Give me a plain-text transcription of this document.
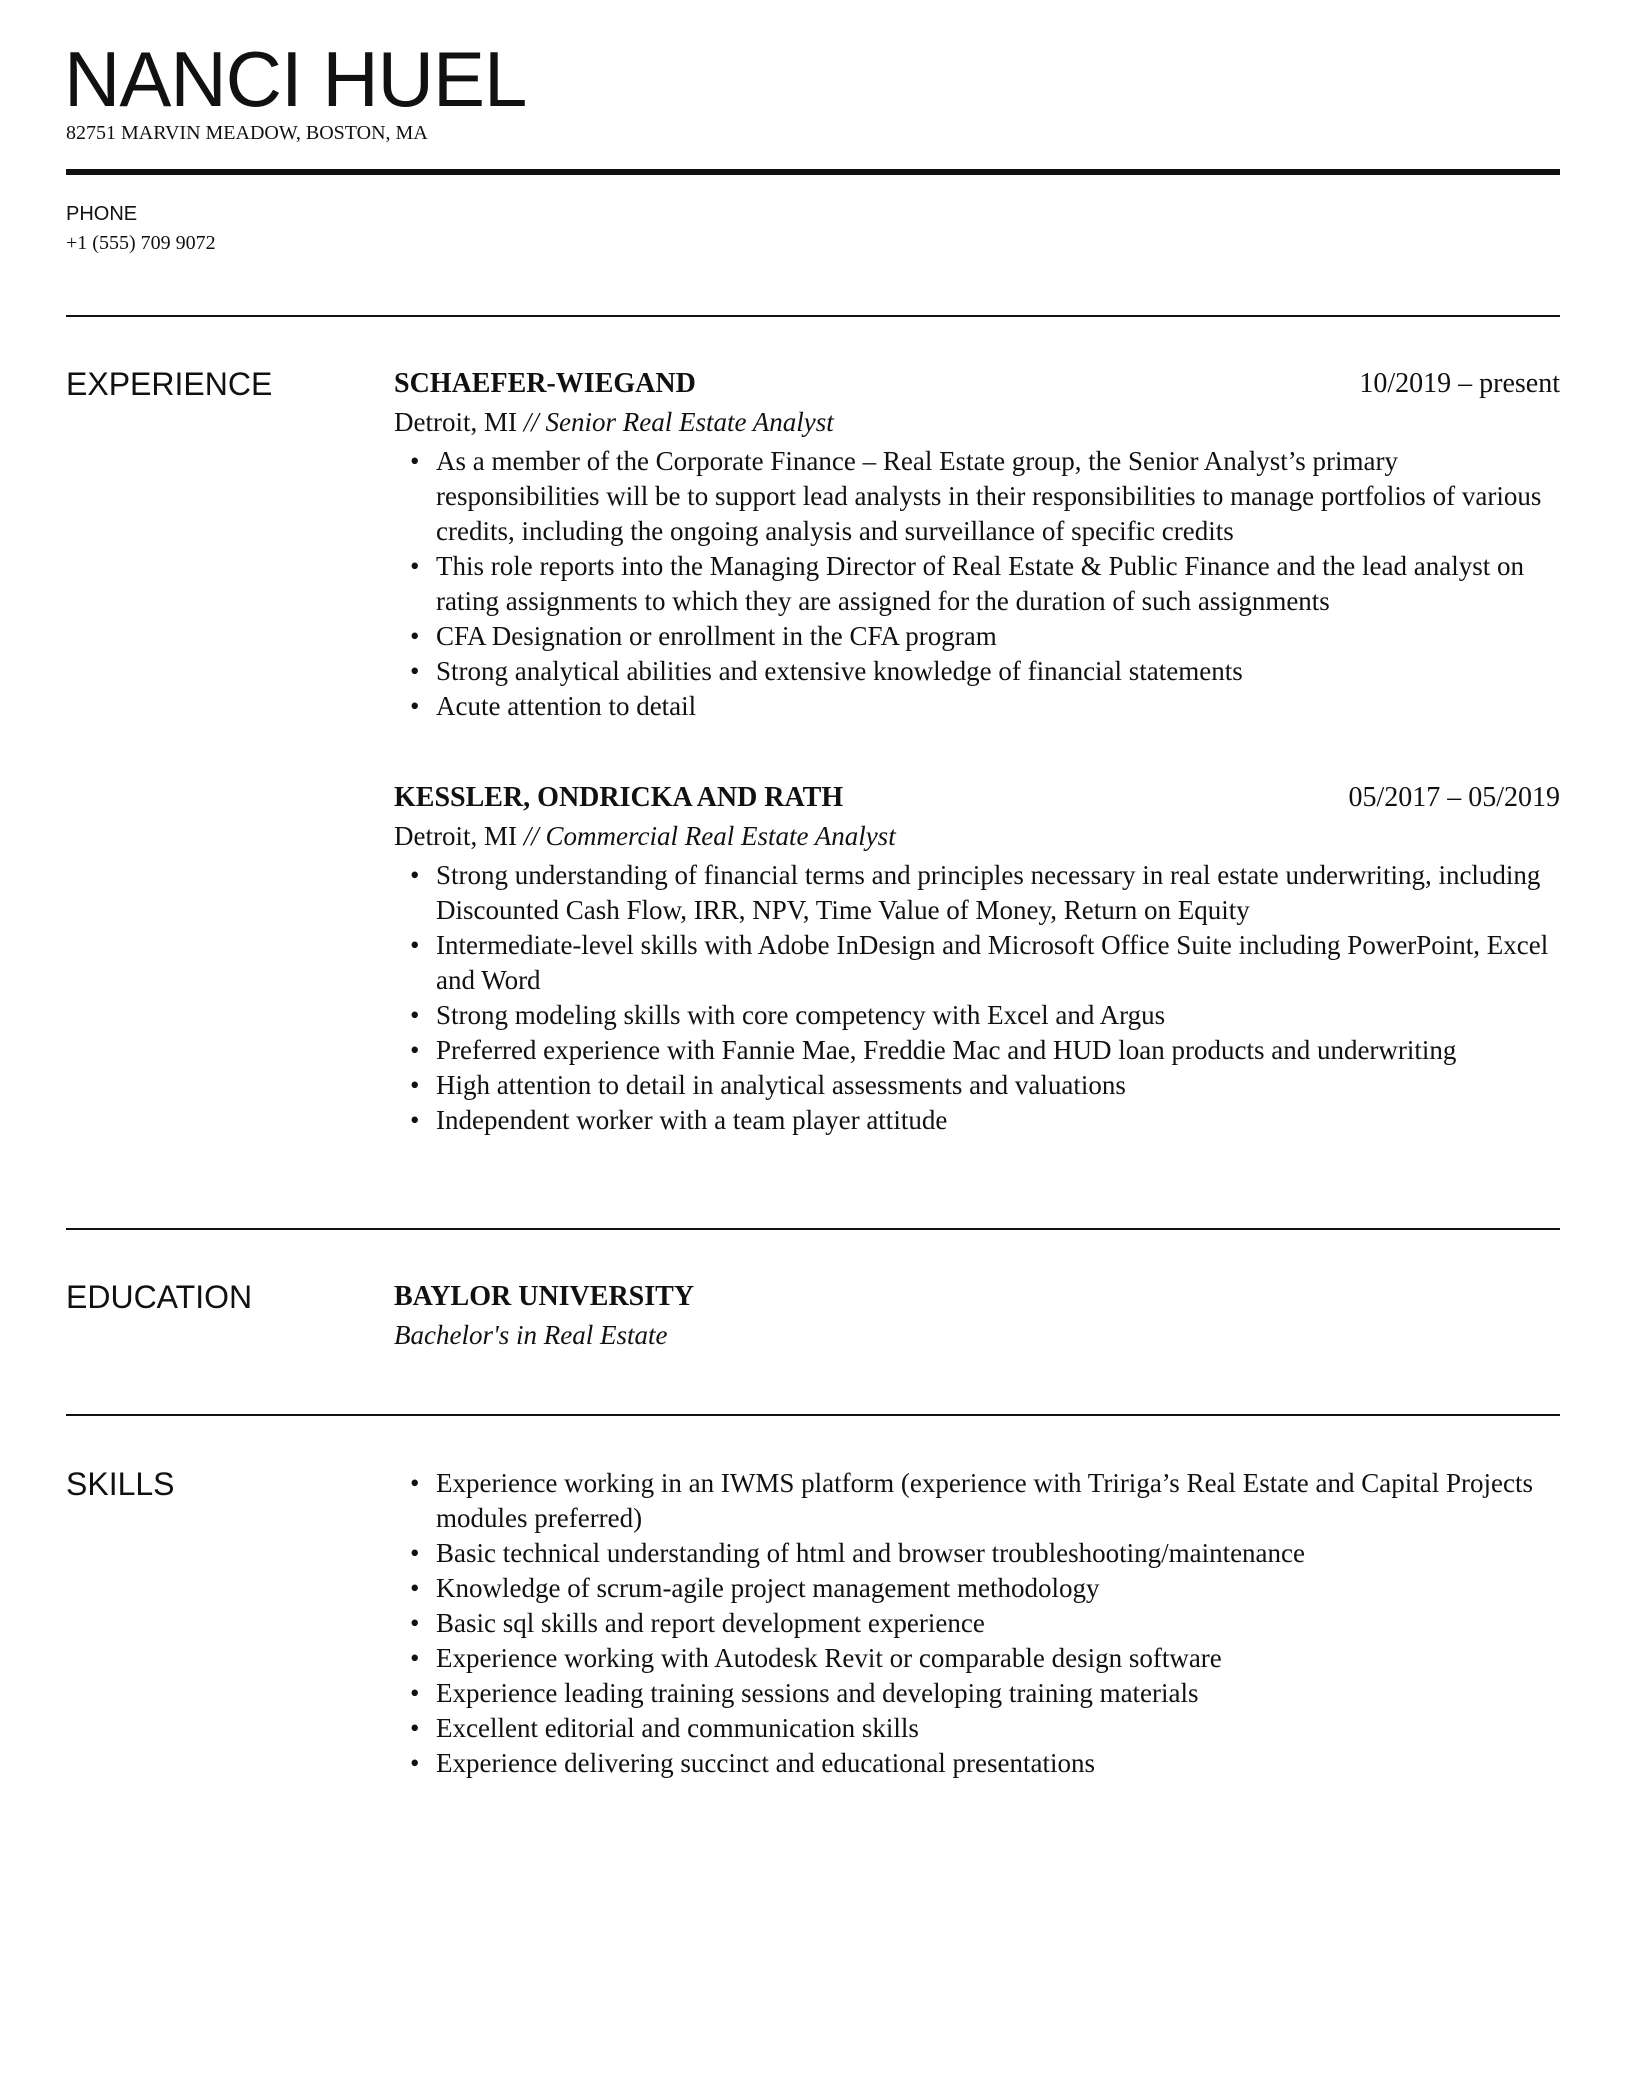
NANCI HUEL
82751 MARVIN MEADOW, BOSTON, MA
PHONE
+1 (555) 709 9072
EXPERIENCE	SCHAEFER-WIEGAND	10/2019 – present
Detroit, MI // Senior Real Estate Analyst
• As a member of the Corporate Finance – Real Estate group, the Senior Analyst’s primary responsibilities will be to support lead analysts in their responsibilities to manage portfolios of various credits, including the ongoing analysis and surveillance of specific credits
• This role reports into the Managing Director of Real Estate & Public Finance and the lead analyst on rating assignments to which they are assigned for the duration of such assignments
• CFA Designation or enrollment in the CFA program
• Strong analytical abilities and extensive knowledge of financial statements
• Acute attention to detail
KESSLER, ONDRICKA AND RATH	05/2017 – 05/2019
Detroit, MI // Commercial Real Estate Analyst
• Strong understanding of financial terms and principles necessary in real estate underwriting, including Discounted Cash Flow, IRR, NPV, Time Value of Money, Return on Equity
• Intermediate-level skills with Adobe InDesign and Microsoft Office Suite including PowerPoint, Excel and Word
• Strong modeling skills with core competency with Excel and Argus
• Preferred experience with Fannie Mae, Freddie Mac and HUD loan products and underwriting
• High attention to detail in analytical assessments and valuations
• Independent worker with a team player attitude
EDUCATION	BAYLOR UNIVERSITY
Bachelor's in Real Estate
SKILLS	• Experience working in an IWMS platform (experience with Tririga’s Real Estate and Capital Projects modules preferred)
• Basic technical understanding of html and browser troubleshooting/maintenance
• Knowledge of scrum-agile project management methodology
• Basic sql skills and report development experience
• Experience working with Autodesk Revit or comparable design software
• Experience leading training sessions and developing training materials
• Excellent editorial and communication skills
• Experience delivering succinct and educational presentations
